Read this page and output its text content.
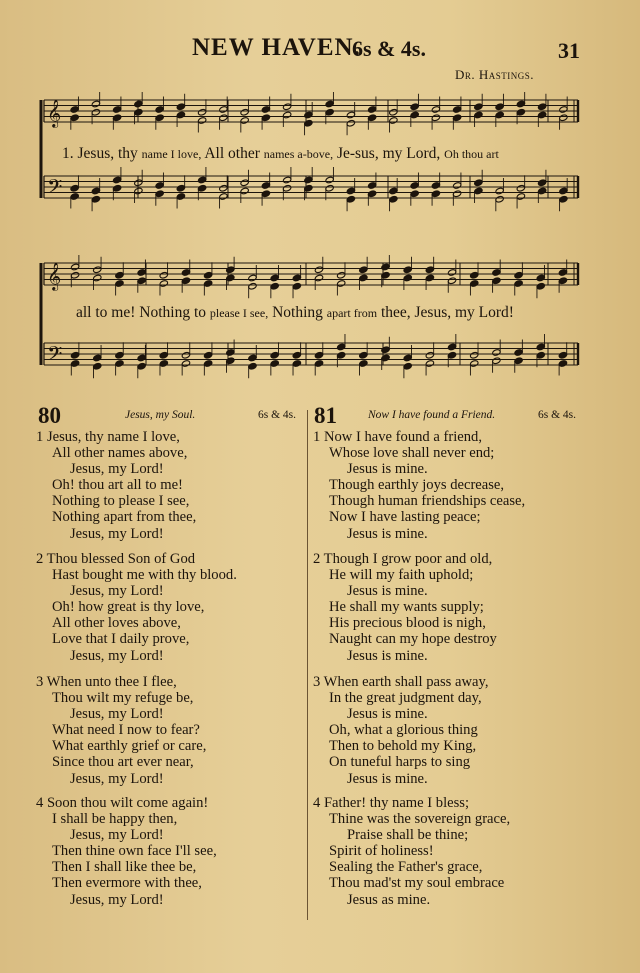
NEW HAVEN.
6s & 4s.	31
Dr. Hastings.
𝄞
𝄢
1. Jesus, thy name I love, All other names a-bove, Je-sus, my Lord, Oh thou art
𝄞
𝄢
all to me! Nothing to please I see, Nothing apart from thee, Jesus, my Lord!
80	Jesus, my Soul.	6s & 4s. 81	Now I have found a Friend.	6s & 4s.
1 Jesus, thy name I love,
All other names above,
Jesus, my Lord!
Oh! thou art all to me!
Nothing to please I see,
Nothing apart from thee,
Jesus, my Lord!
2 Thou blessed Son of God
Hast bought me with thy blood.
Jesus, my Lord!
Oh! how great is thy love,
All other loves above,
Love that I daily prove,
Jesus, my Lord!
3 When unto thee I flee,
Thou wilt my refuge be,
Jesus, my Lord!
What need I now to fear?
What earthly grief or care,
Since thou art ever near,
Jesus, my Lord!
4 Soon thou wilt come again!
I shall be happy then,
Jesus, my Lord!
Then thine own face I'll see,
Then I shall like thee be,
Then evermore with thee,
Jesus, my Lord!
1 Now I have found a friend,
Whose love shall never end;
Jesus is mine.
Though earthly joys decrease,
Though human friendships cease,
Now I have lasting peace;
Jesus is mine.
2 Though I grow poor and old,
He will my faith uphold;
Jesus is mine.
He shall my wants supply;
His precious blood is nigh,
Naught can my hope destroy
Jesus is mine.
3 When earth shall pass away,
In the great judgment day,
Jesus is mine.
Oh, what a glorious thing
Then to behold my King,
On tuneful harps to sing
Jesus is mine.
4 Father! thy name I bless;
Thine was the sovereign grace,
Praise shall be thine;
Spirit of holiness!
Sealing the Father's grace,
Thou mad'st my soul embrace
Jesus as mine.
